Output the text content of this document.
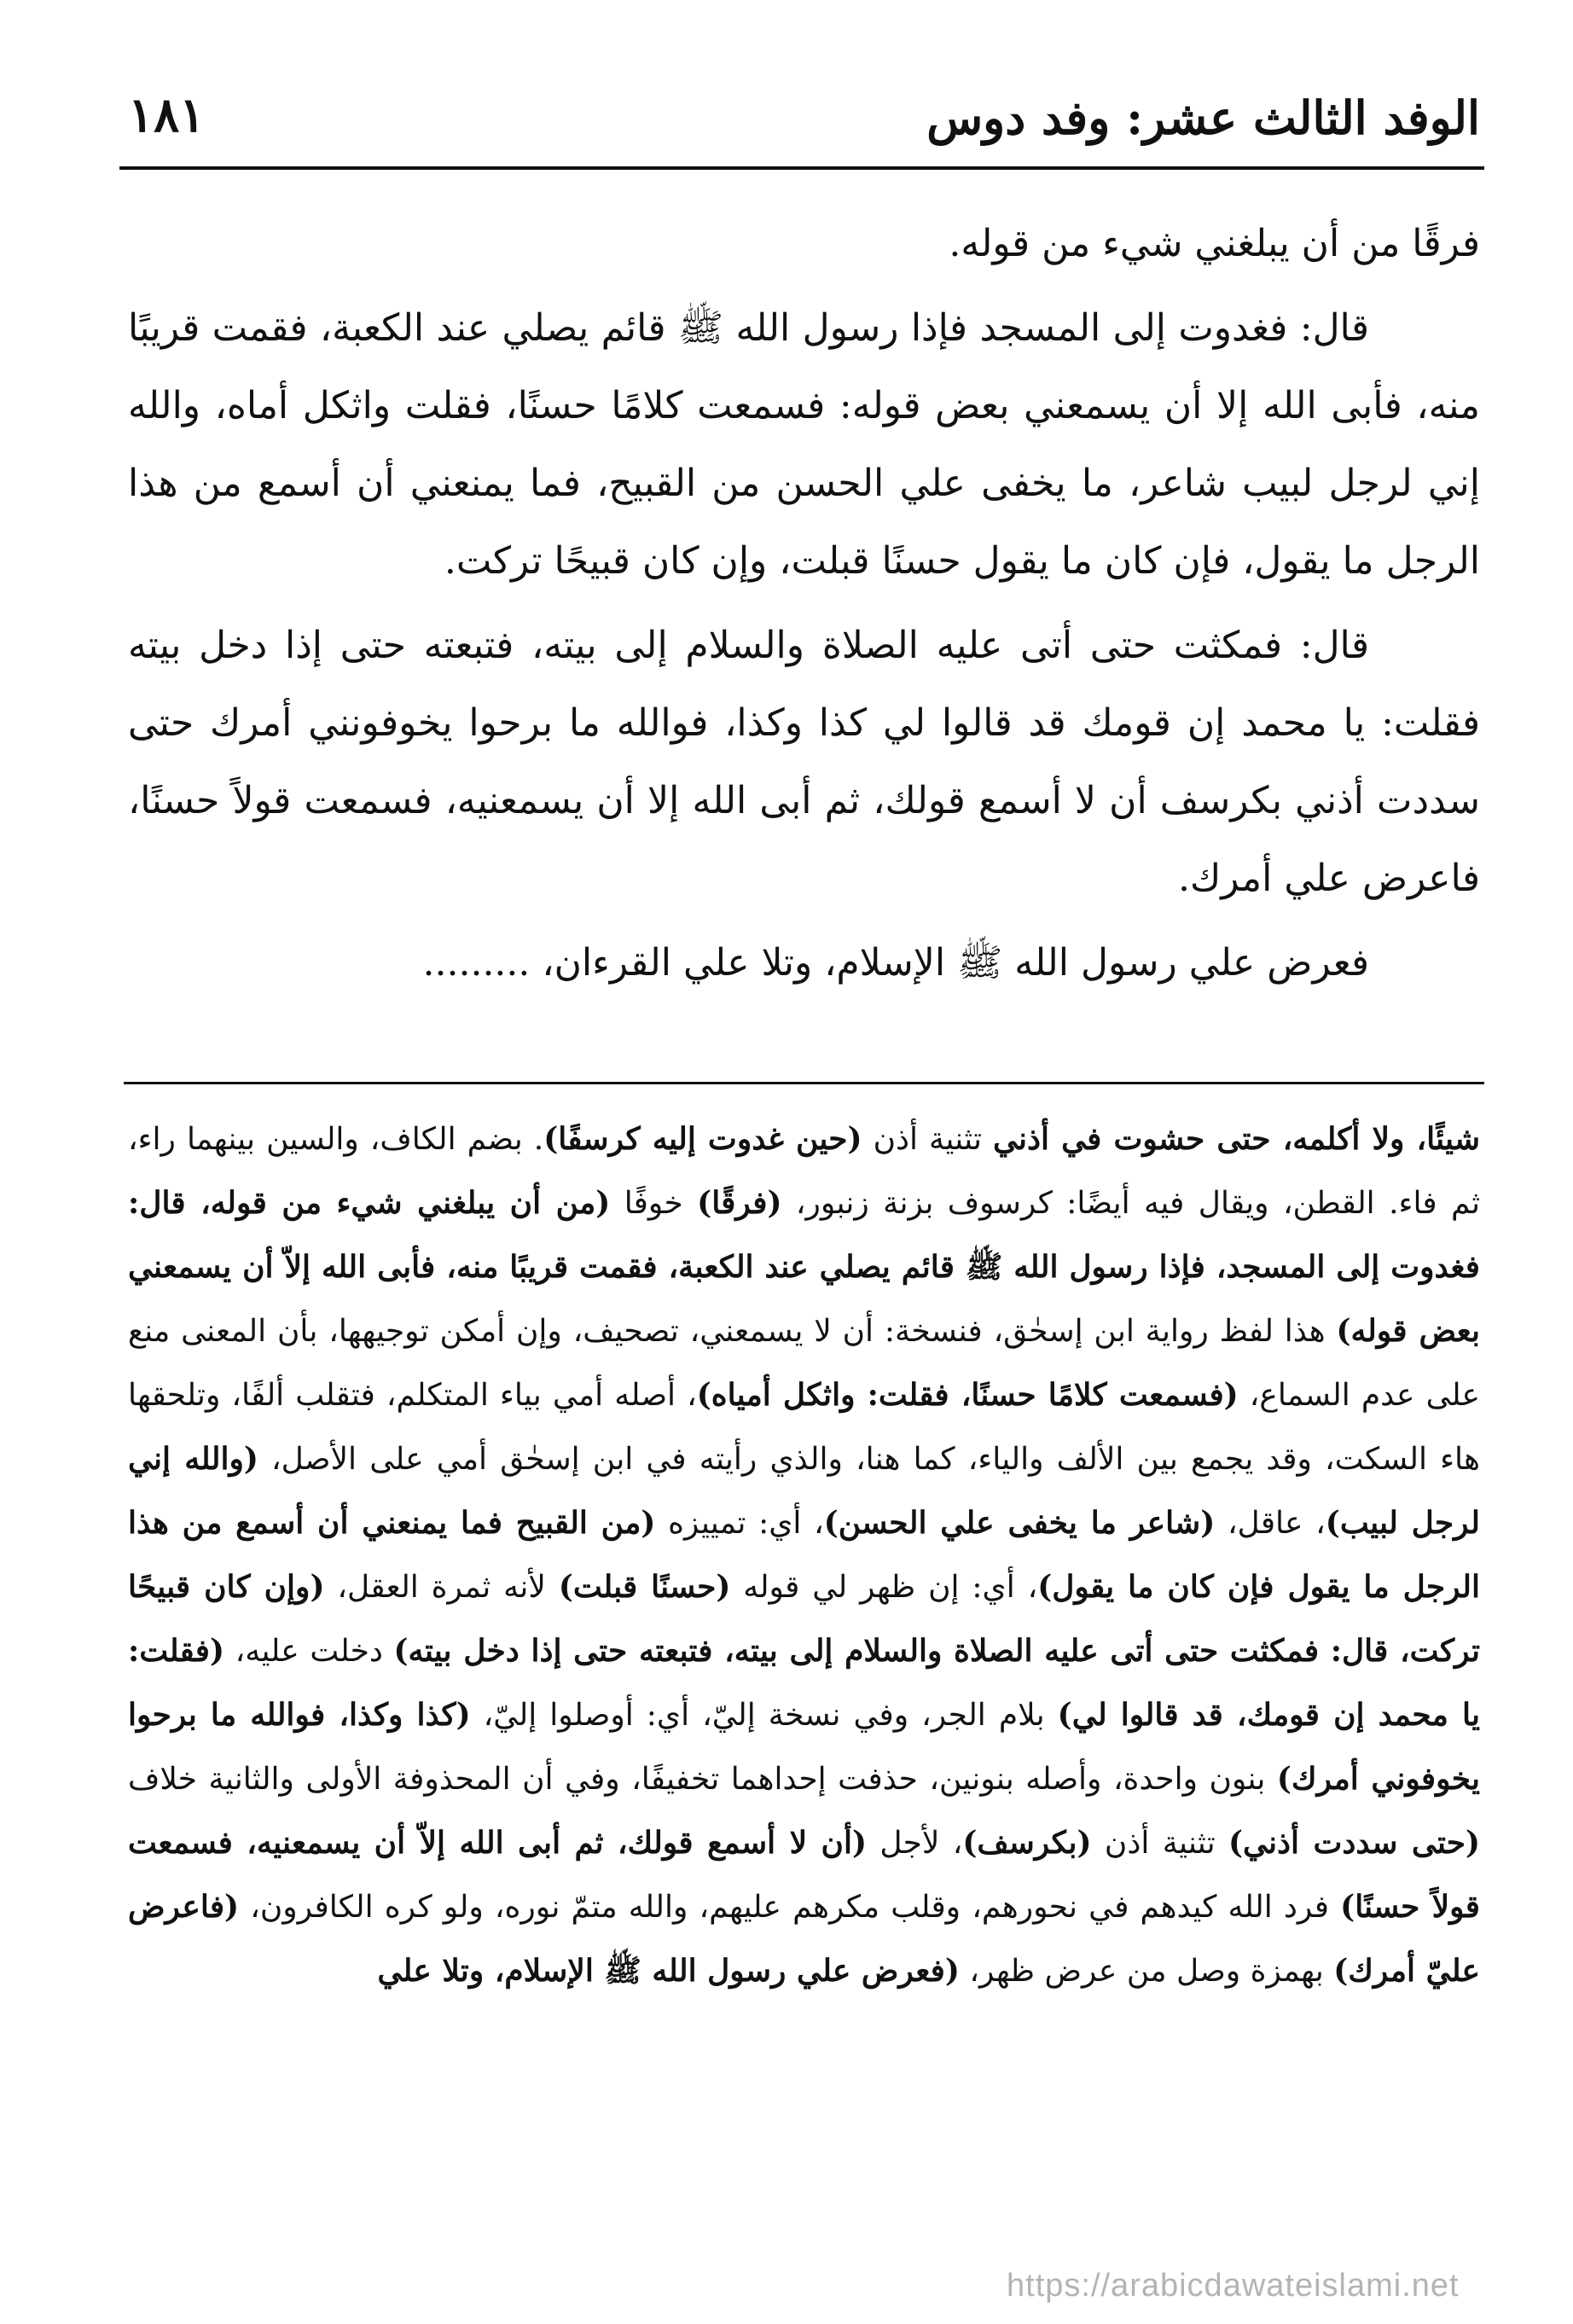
الوفد الثالث عشر: وفد دوس
١٨١

فرقًا من أن يبلغني شيء من قوله.

قال: فغدوت إلى المسجد فإذا رسول الله ﷺ قائم يصلي عند الكعبة، فقمت قريبًا منه، فأبى الله إلا أن يسمعني بعض قوله: فسمعت كلامًا حسنًا، فقلت واثكل أماه، والله إني لرجل لبيب شاعر، ما يخفى علي الحسن من القبيح، فما يمنعني أن أسمع من هذا الرجل ما يقول، فإن كان ما يقول حسنًا قبلت، وإن كان قبيحًا تركت.

قال: فمكثت حتى أتى عليه الصلاة والسلام إلى بيته، فتبعته حتى إذا دخل بيته فقلت: يا محمد إن قومك قد قالوا لي كذا وكذا، فوالله ما برحوا يخوفونني أمرك حتى سددت أذني بكرسف أن لا أسمع قولك، ثم أبى الله إلا أن يسمعنيه، فسمعت قولاً حسنًا، فاعرض علي أمرك.

فعرض علي رسول الله ﷺ الإسلام، وتلا علي القرءان، .........

شيئًا، ولا أكلمه، حتى حشوت في أذني تثنية أذن (حين غدوت إليه كرسفًا). بضم الكاف، والسين بينهما راء، ثم فاء. القطن، ويقال فيه أيضًا: كرسوف بزنة زنبور، (فرقًا) خوفًا (من أن يبلغني شيء من قوله، قال: فغدوت إلى المسجد، فإذا رسول الله ﷺ قائم يصلي عند الكعبة، فقمت قريبًا منه، فأبى الله إلاّ أن يسمعني بعض قوله) هذا لفظ رواية ابن إسحٰق، فنسخة: أن لا يسمعني، تصحيف، وإن أمكن توجيهها، بأن المعنى منع على عدم السماع، (فسمعت كلامًا حسنًا، فقلت: واثكل أمياه)، أصله أمي بياء المتكلم، فتقلب ألفًا، وتلحقها هاء السكت، وقد يجمع بين الألف والياء، كما هنا، والذي رأيته في ابن إسحٰق أمي على الأصل، (والله إني لرجل لبيب)، عاقل، (شاعر ما يخفى علي الحسن)، أي: تمييزه (من القبيح فما يمنعني أن أسمع من هذا الرجل ما يقول فإن كان ما يقول)، أي: إن ظهر لي قوله (حسنًا قبلت) لأنه ثمرة العقل، (وإن كان قبيحًا تركت، قال: فمكثت حتى أتى عليه الصلاة والسلام إلى بيته، فتبعته حتى إذا دخل بيته) دخلت عليه، (فقلت: يا محمد إن قومك، قد قالوا لي) بلام الجر، وفي نسخة إليّ، أي: أوصلوا إليّ، (كذا وكذا، فوالله ما برحوا يخوفوني أمرك) بنون واحدة، وأصله بنونين، حذفت إحداهما تخفيفًا، وفي أن المحذوفة الأولى والثانية خلاف (حتى سددت أذني) تثنية أذن (بكرسف)، لأجل (أن لا أسمع قولك، ثم أبى الله إلاّ أن يسمعنيه، فسمعت قولاً حسنًا) فرد الله كيدهم في نحورهم، وقلب مكرهم عليهم، والله متمّ نوره، ولو كره الكافرون، (فاعرض عليّ أمرك) بهمزة وصل من عرض ظهر، (فعرض علي رسول الله ﷺ الإسلام، وتلا علي

https://arabicdawateislami.net
